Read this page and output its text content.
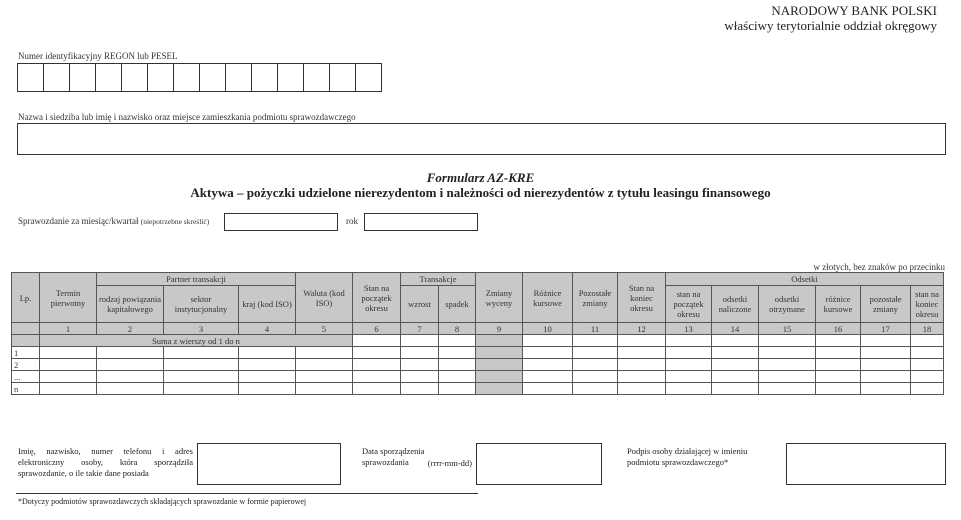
NARODOWY BANK POLSKI
właściwy terytorialnie oddział okręgowy
Numer identyfikacyjny REGON lub PESEL
Nazwa i siedziba lub imię i nazwisko oraz miejsce zamieszkania podmiotu sprawozdawczego
Formularz AZ-KRE
Aktywa – pożyczki udzielone nierezydentom i należności od nierezydentów z tytułu leasingu finansowego
Sprawozdanie za miesiąc/kwartał (niepotrzebne skreślić)	rok
w złotych, bez znaków po przecinku
Lp.	Termin pierwotny	Partner transakcji			Waluta (kod ISO)	Stan na początek okresu	Transakcje		Zmiany wyceny	Różnice kursowe	Pozostałe zmiany	Stan na koniec okresu	Odsetki				
		rodzaj powiązania kapitałowego	sektor instytucjonalny	kraj (kod ISO)			wzrost	spadek					stan na początek okresu	odsetki naliczone	odsetki otrzymane	różnice kursowe	pozostałe zmiany	stan na koniec okresu
	1	2	3	4	5	6	7	8	9	10	11	12	13	14	15	16	17	18
	Suma z wierszy od 1 do n																	
1																		
2																		
...																		
n																		
Imię, nazwisko, numer telefonu i adres elektroniczny osoby, która sporządziła sprawozdanie, o ile takie dane posiada
Data sporządzenia sprawozdania	(rrrr-mm-dd)
Podpis osoby działającej w imieniu podmiotu sprawozdawczego*
*Dotyczy podmiotów sprawozdawczych składających sprawozdanie w formie papierowej
